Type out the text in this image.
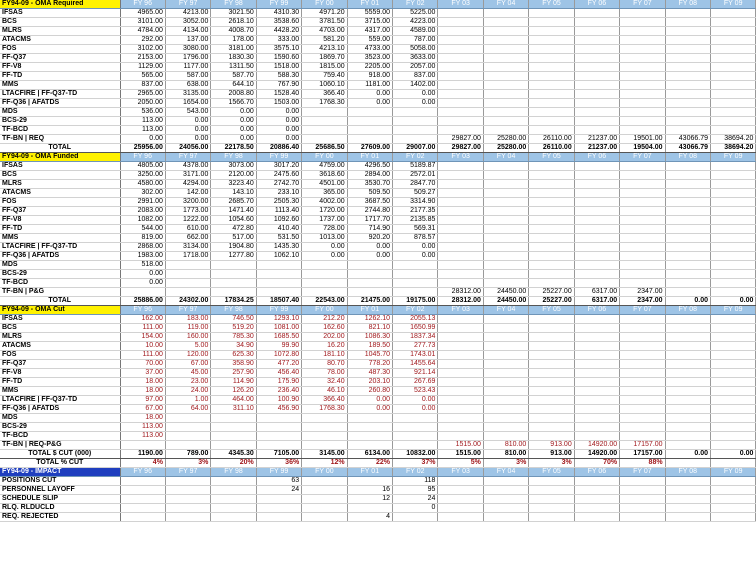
FY94-09 - OMA Required	FY 96	FY 97	FY 98	FY 99	FY 00	FY 01	FY 02	FY 03	FY 04	FY 05	FY 06	FY 07	FY 08	FY 09
IFSAS	4965.00	4213.00	3021.50	4310.30	4971.20	5559.00	5225.00							
BCS	3101.00	3052.00	2618.10	3538.60	3781.50	3715.00	4223.00							
MLRS	4784.00	4134.00	4008.70	4428.20	4703.00	4317.00	4589.00							
ATACMS	292.00	137.00	178.00	333.00	581.20	559.00	787.00							
FOS	3102.00	3080.00	3181.00	3575.10	4213.10	4733.00	5058.00							
FF-Q37	2153.00	1796.00	1830.30	1590.60	1869.70	3523.00	3633.00							
FF-V8	1129.00	1177.00	1311.50	1518.00	1815.00	2205.00	2057.00							
FF-TD	565.00	587.00	587.70	588.30	759.40	918.00	837.00							
MMS	837.00	638.00	644.10	767.90	1060.10	1181.00	1402.00							
LTACFIRE | FF-Q37-TD	2965.00	3135.00	2008.80	1528.40	366.40	0.00	0.00							
FF-Q36 | AFATDS	2050.00	1654.00	1566.70	1503.00	1768.30	0.00	0.00							
MDS	536.00	543.00	0.00	0.00										
BCS-29	113.00	0.00	0.00	0.00										
TF-BCD	113.00	0.00	0.00	0.00										
TF-BN | REQ	0.00	0.00	0.00	0.00				29827.00	25280.00	26110.00	21237.00	19501.00	43066.79	38694.20
TOTAL	25956.00	24056.00	22178.50	20886.40	25686.50	27609.00	29007.00	29827.00	25280.00	26110.00	21237.00	19504.00	43066.79	38694.20
FY94-09 - OMA Funded	FY 96	FY 97	FY 98	FY 99	FY 00	FY 01	FY 02	FY 03	FY 04	FY 05	FY 06	FY 07	FY 08	FY 09
IFSAS	4805.00	4378.00	3073.00	3017.20	4759.00	4296.50	5189.87							
BCS	3250.00	3171.00	2120.00	2475.60	3618.60	2894.00	2572.01							
MLRS	4580.00	4294.00	3223.40	2742.70	4501.00	3530.70	2847.70							
ATACMS	302.00	142.00	143.10	233.10	365.00	509.50	509.27							
FOS	2991.00	3200.00	2685.70	2505.30	4002.00	3687.50	3314.90							
FF-Q37	2083.00	1773.00	1471.40	1113.40	1720.00	2744.80	2177.35							
FF-V8	1082.00	1222.00	1054.60	1092.60	1737.00	1717.70	2135.85							
FF-TD	544.00	610.00	472.80	410.40	728.00	714.90	569.31							
MMS	819.00	662.00	517.00	531.50	1013.00	920.20	878.57							
LTACFIRE | FF-Q37-TD	2868.00	3134.00	1904.80	1435.30	0.00	0.00	0.00							
FF-Q36 | AFATDS	1983.00	1718.00	1277.80	1062.10	0.00	0.00	0.00							
MDS	518.00													
BCS-29	0.00													
TF-BCD	0.00													
TF-BN | P&G								28312.00	24450.00	25227.00	6317.00	2347.00		
TOTAL	25886.00	24302.00	17834.25	18507.40	22543.00	21475.00	19175.00	28312.00	24450.00	25227.00	6317.00	2347.00	0.00	0.00
FY94-09 - OMA Cut	FY 96	FY 97	FY 98	FY 99	FY 00	FY 01	FY 02	FY 03	FY 04	FY 05	FY 06	FY 07	FY 08	FY 09
IFSAS	162.00	183.00	746.50	1293.10	212.20	1262.10	2055.13							
BCS	111.00	119.00	519.20	1081.00	162.60	821.10	1650.99							
MLRS	154.00	160.00	785.30	1685.50	202.00	1086.30	1837.34							
ATACMS	10.00	5.00	34.90	99.90	16.20	189.50	277.73							
FOS	111.00	120.00	625.30	1072.80	181.10	1045.70	1743.01							
FF-Q37	70.00	67.00	358.90	477.20	80.70	778.20	1455.64							
FF-V8	37.00	45.00	257.90	456.40	78.00	487.30	921.14							
FF-TD	18.00	23.00	114.90	175.90	32.40	203.10	267.69							
MMS	18.00	24.00	126.20	236.40	46.10	260.80	523.43							
LTACFIRE | FF-Q37-TD	97.00	1.00	464.00	100.90	366.40	0.00	0.00							
FF-Q36 | AFATDS	67.00	64.00	311.10	456.90	1768.30	0.00	0.00							
MDS	18.00													
BCS-29	113.00													
TF-BCD	113.00													
TF-BN | REQ-P&G								1515.00	810.00	913.00	14920.00	17157.00		
TOTAL $ CUT (000)	1190.00	789.00	4345.30	7105.00	3145.00	6134.00	10832.00	1515.00	810.00	913.00	14920.00	17157.00	0.00	0.00
TOTAL % CUT	4%	3%	20%	36%	12%	22%	37%	5%	3%	3%	70%	88%		
FY94-09 - IMPACT	FY 96	FY 97	FY 98	FY 99	FY 00	FY 01	FY 02	FY 03	FY 04	FY 05	FY 06	FY 07	FY 08	FY 09
POSITIONS CUT				63			118							
PERSONNEL LAYOFF				24		16	95							
SCHEDULE SLIP						12	24							
RLQ. RLDUCLD							0							
REQ. REJECTED						4								
